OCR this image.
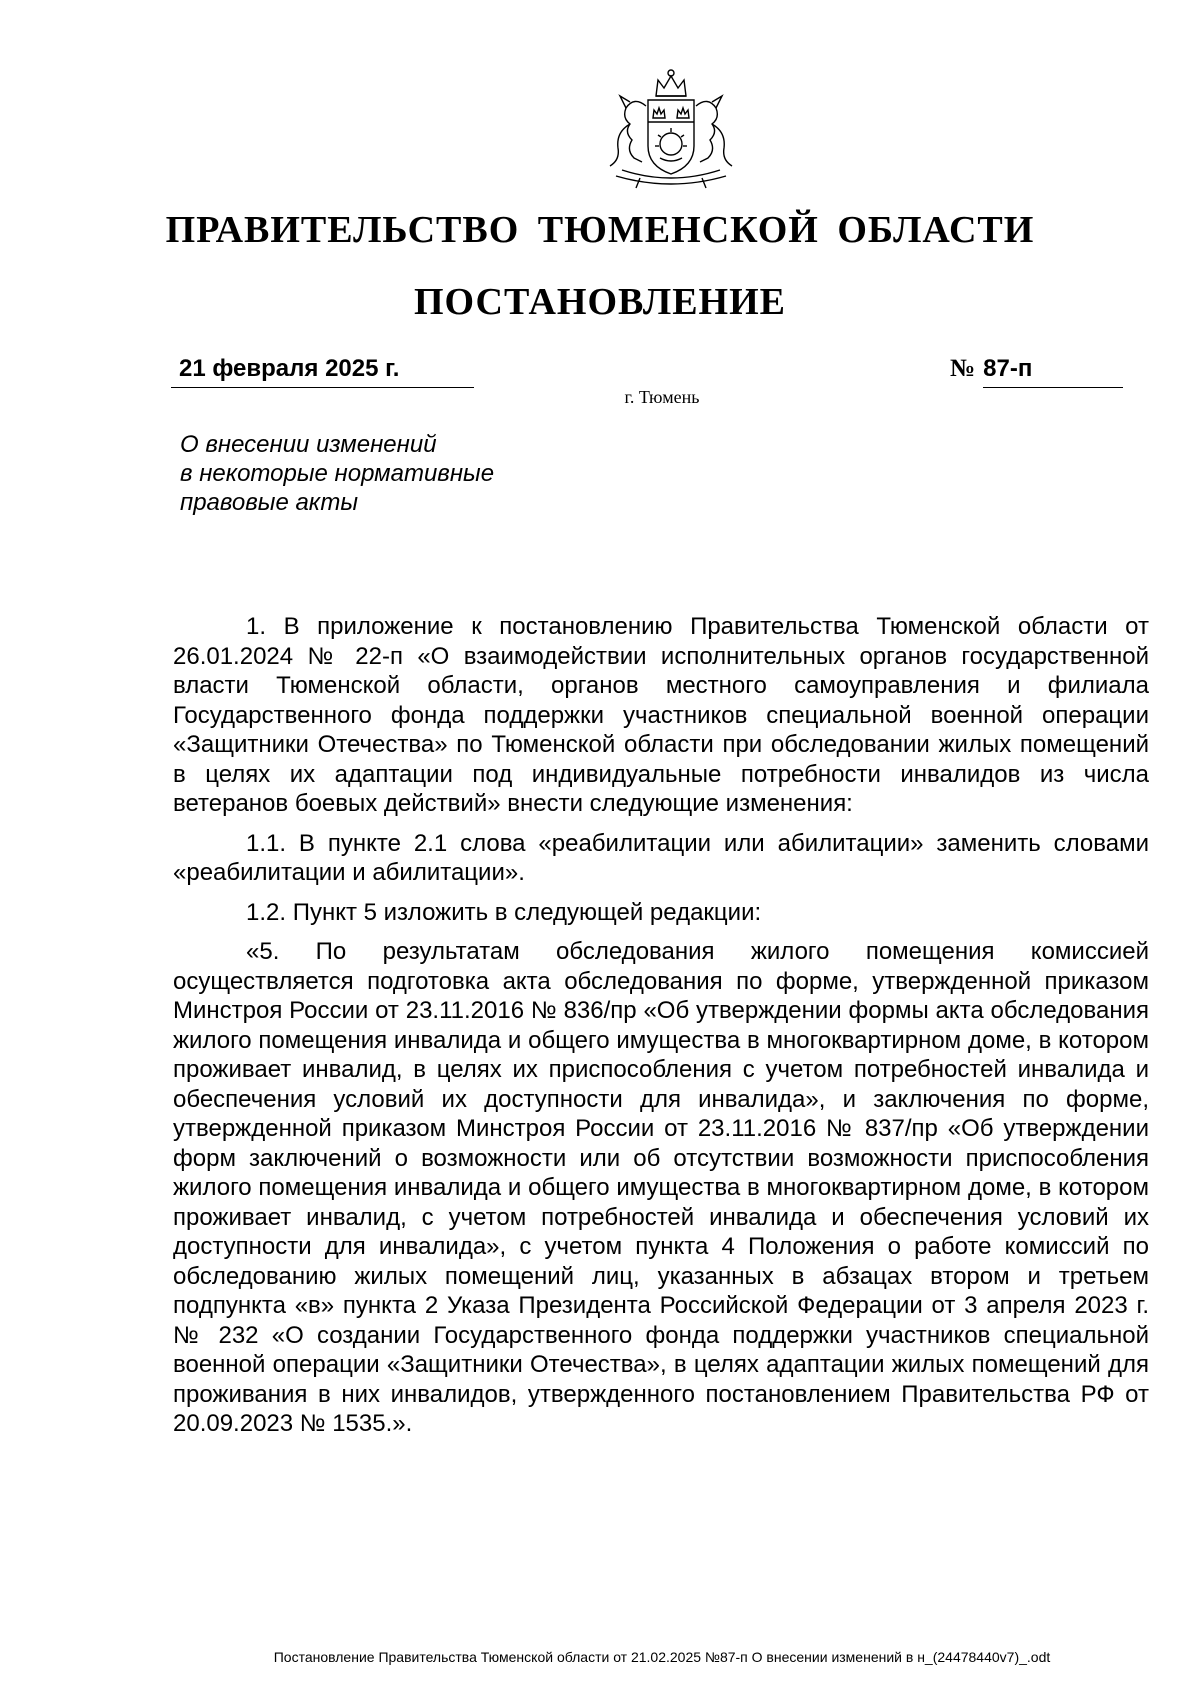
ПРАВИТЕЛЬСТВО ТЮМЕНСКОЙ ОБЛАСТИ
ПОСТАНОВЛЕНИЕ
21 февраля 2025 г.	№ 87-п
г. Тюмень
О внесении изменений
в некоторые нормативные
правовые акты

1. В приложение к постановлению Правительства Тюменской области от 26.01.2024 № 22-п «О взаимодействии исполнительных органов государственной власти Тюменской области, органов местного самоуправления и филиала Государственного фонда поддержки участников специальной военной операции «Защитники Отечества» по Тюменской области при обследовании жилых помещений в целях их адаптации под индивидуальные потребности инвалидов из числа ветеранов боевых действий» внести следующие изменения:

1.1. В пункте 2.1 слова «реабилитации или абилитации» заменить словами «реабилитации и абилитации».

1.2. Пункт 5 изложить в следующей редакции:

«5. По результатам обследования жилого помещения комиссией осуществляется подготовка акта обследования по форме, утвержденной приказом Минстроя России от 23.11.2016 № 836/пр «Об утверждении формы акта обследования жилого помещения инвалида и общего имущества в многоквартирном доме, в котором проживает инвалид, в целях их приспособления с учетом потребностей инвалида и обеспечения условий их доступности для инвалида», и заключения по форме, утвержденной приказом Минстроя России от 23.11.2016 № 837/пр «Об утверждении форм заключений о возможности или об отсутствии возможности приспособления жилого помещения инвалида и общего имущества в многоквартирном доме, в котором проживает инвалид, с учетом потребностей инвалида и обеспечения условий их доступности для инвалида», с учетом пункта 4 Положения о работе комиссий по обследованию жилых помещений лиц, указанных в абзацах втором и третьем подпункта «в» пункта 2 Указа Президента Российской Федерации от 3 апреля 2023 г. № 232 «О создании Государственного фонда поддержки участников специальной военной операции «Защитники Отечества», в целях адаптации жилых помещений для проживания в них инвалидов, утвержденного постановлением Правительства РФ от 20.09.2023 № 1535.».

Постановление Правительства Тюменской области от 21.02.2025 №87-п О внесении изменений в н_(24478440v7)_.odt
